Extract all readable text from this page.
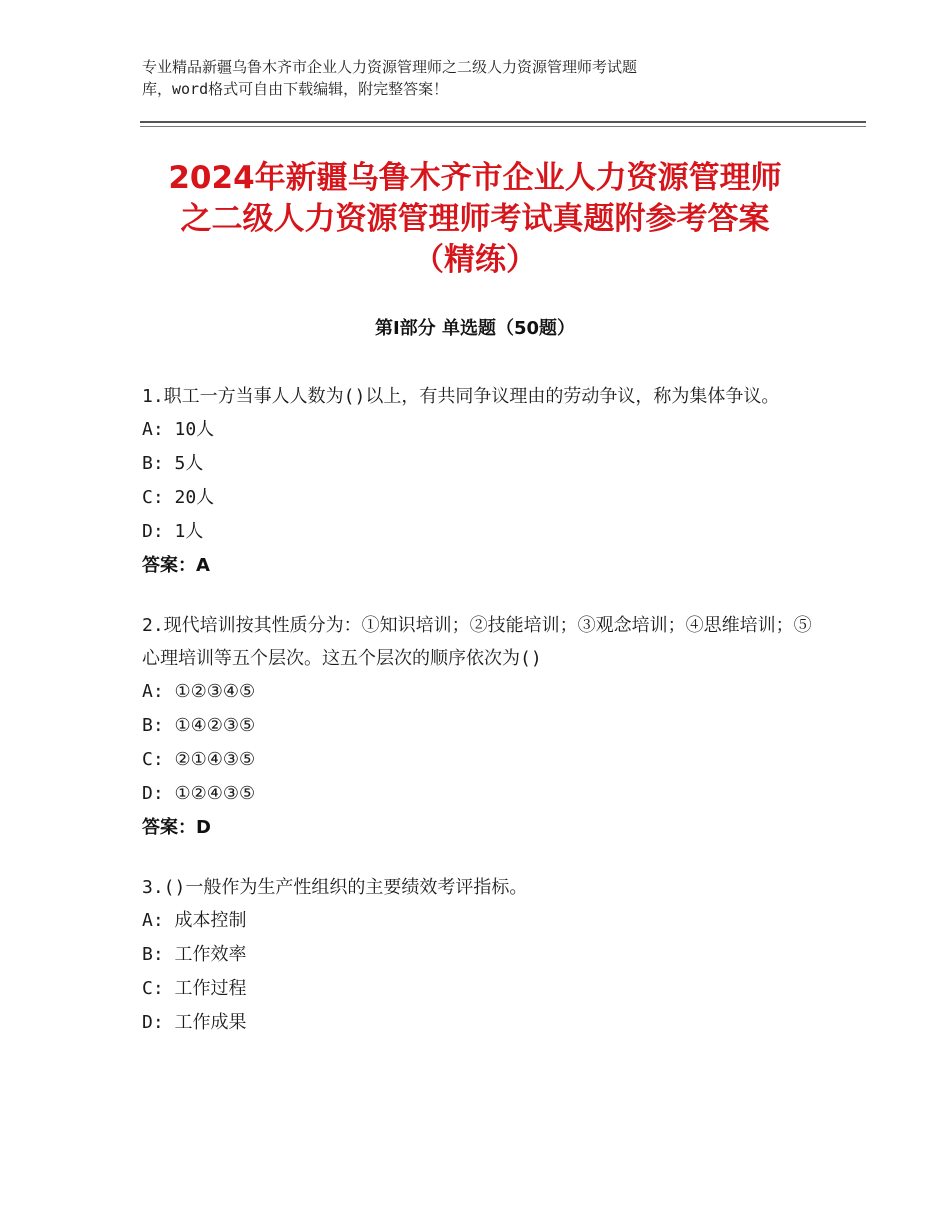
专业精品新疆乌鲁木齐市企业人力资源管理师之二级人力资源管理师考试题
库，word格式可自由下载编辑，附完整答案！
2024年新疆乌鲁木齐市企业人力资源管理师
之二级人力资源管理师考试真题附参考答案
（精练）
第Ⅰ部分 单选题（50题）
1.职工一方当事人人数为()以上，有共同争议理由的劳动争议，称为集体争议。
A: 10人
B: 5人
C: 20人
D: 1人
答案：A
2.现代培训按其性质分为：①知识培训；②技能培训；③观念培训；④思维培训；⑤心理培训等五个层次。这五个层次的顺序依次为()
A: ①②③④⑤
B: ①④②③⑤
C: ②①④③⑤
D: ①②④③⑤
答案：D
3.()一般作为生产性组织的主要绩效考评指标。
A: 成本控制
B: 工作效率
C: 工作过程
D: 工作成果
